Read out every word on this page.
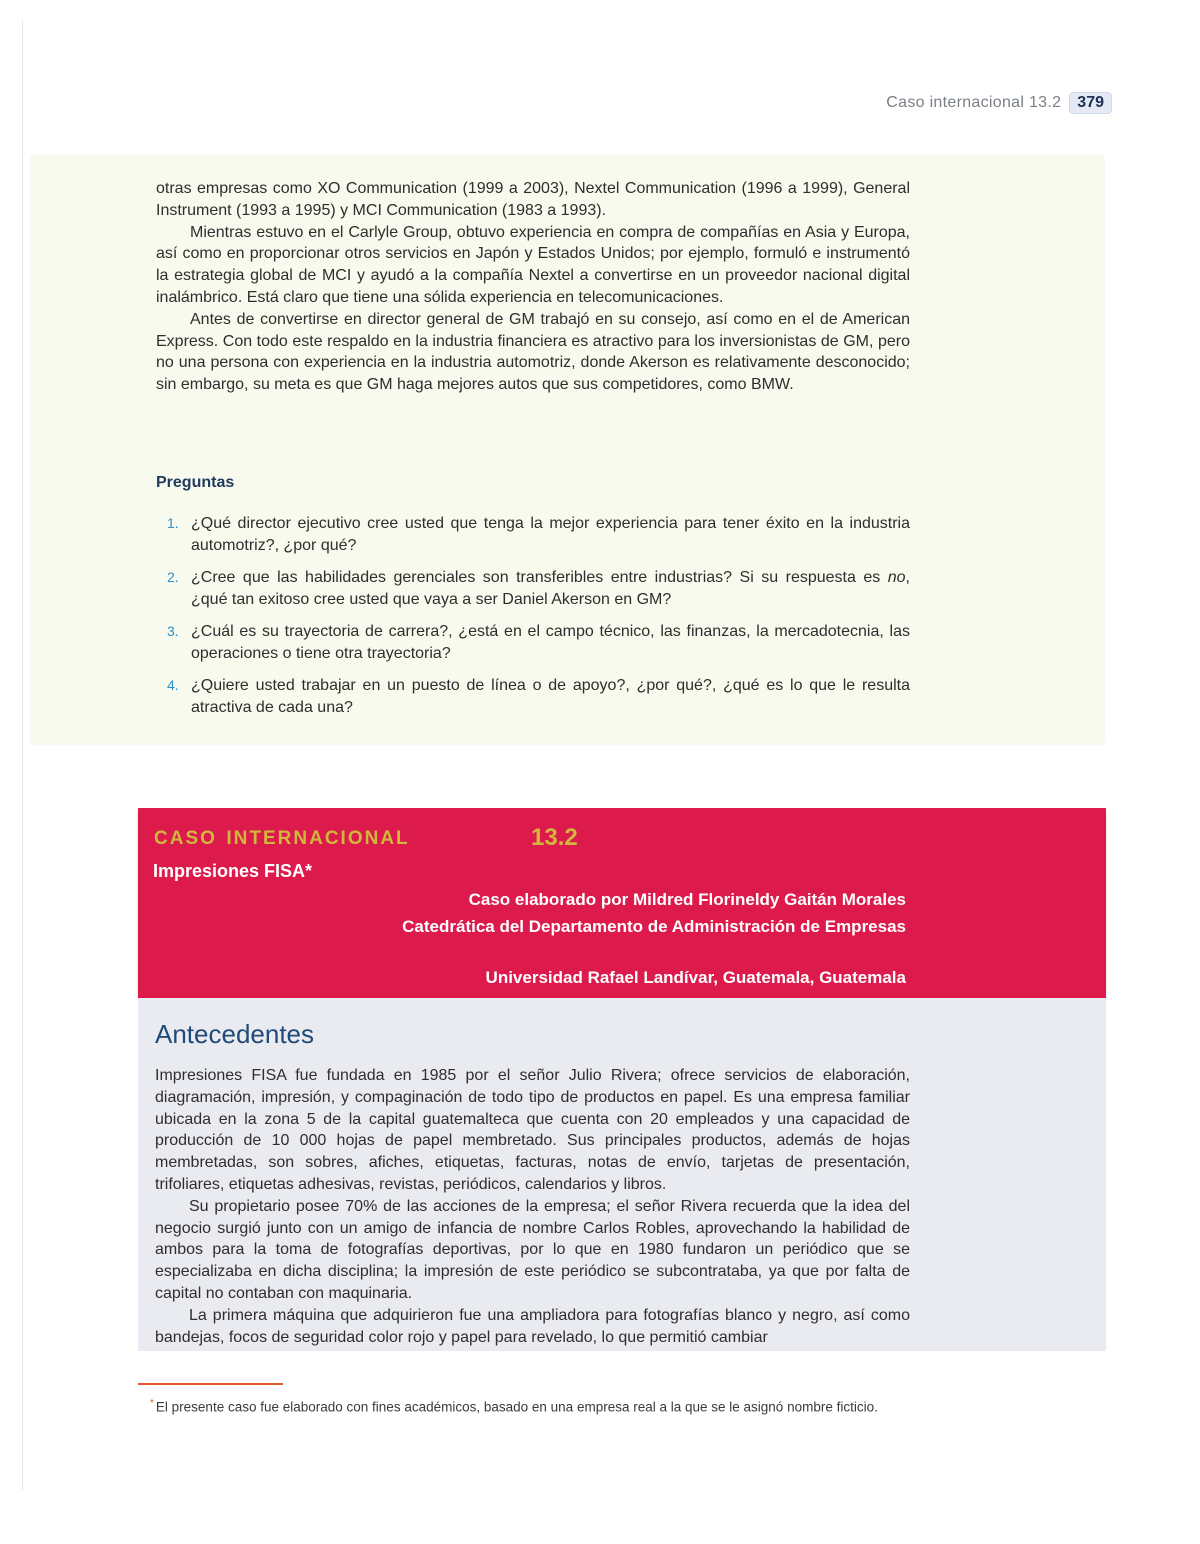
Caso internacional 13.2	379

otras empresas como XO Communication (1999 a 2003), Nextel Communication (1996 a 1999), General Instrument (1993 a 1995) y MCI Communication (1983 a 1993).

Mientras estuvo en el Carlyle Group, obtuvo experiencia en compra de compañías en Asia y Europa, así como en proporcionar otros servicios en Japón y Estados Unidos; por ejemplo, formuló e instrumentó la estrategia global de MCI y ayudó a la compañía Nextel a convertirse en un proveedor nacional digital inalámbrico. Está claro que tiene una sólida experiencia en telecomunicaciones.

Antes de convertirse en director general de GM trabajó en su consejo, así como en el de American Express. Con todo este respaldo en la industria financiera es atractivo para los inversionistas de GM, pero no una persona con experiencia en la industria automotriz, donde Akerson es relativamente desconocido; sin embargo, su meta es que GM haga mejores autos que sus competidores, como BMW.

Preguntas
1. ¿Qué director ejecutivo cree usted que tenga la mejor experiencia para tener éxito en la industria automotriz?, ¿por qué?
2. ¿Cree que las habilidades gerenciales son transferibles entre industrias? Si su respuesta es no, ¿qué tan exitoso cree usted que vaya a ser Daniel Akerson en GM?
3. ¿Cuál es su trayectoria de carrera?, ¿está en el campo técnico, las finanzas, la mercadotecnia, las operaciones o tiene otra trayectoria?
4. ¿Quiere usted trabajar en un puesto de línea o de apoyo?, ¿por qué?, ¿qué es lo que le resulta atractiva de cada una?
caso internacional	13.2
Impresiones FISA*
Caso elaborado por Mildred Florineldy Gaitán Morales
Catedrática del Departamento de Administración de Empresas
Universidad Rafael Landívar, Guatemala, Guatemala
Antecedentes

Impresiones FISA fue fundada en 1985 por el señor Julio Rivera; ofrece servicios de elaboración, diagramación, impresión, y compaginación de todo tipo de productos en papel. Es una empresa familiar ubicada en la zona 5 de la capital guatemalteca que cuenta con 20 empleados y una capacidad de producción de 10 000 hojas de papel membretado. Sus principales productos, además de hojas membretadas, son sobres, afiches, etiquetas, facturas, notas de envío, tarjetas de presentación, trifoliares, etiquetas adhesivas, revistas, periódicos, calendarios y libros.

Su propietario posee 70% de las acciones de la empresa; el señor Rivera recuerda que la idea del negocio surgió junto con un amigo de infancia de nombre Carlos Robles, aprovechando la habilidad de ambos para la toma de fotografías deportivas, por lo que en 1980 fundaron un periódico que se especializaba en dicha disciplina; la impresión de este periódico se subcontrataba, ya que por falta de capital no contaban con maquinaria.

La primera máquina que adquirieron fue una ampliadora para fotografías blanco y negro, así como bandejas, focos de seguridad color rojo y papel para revelado, lo que permitió cambiar

* El presente caso fue elaborado con fines académicos, basado en una empresa real a la que se le asignó nombre ficticio.
